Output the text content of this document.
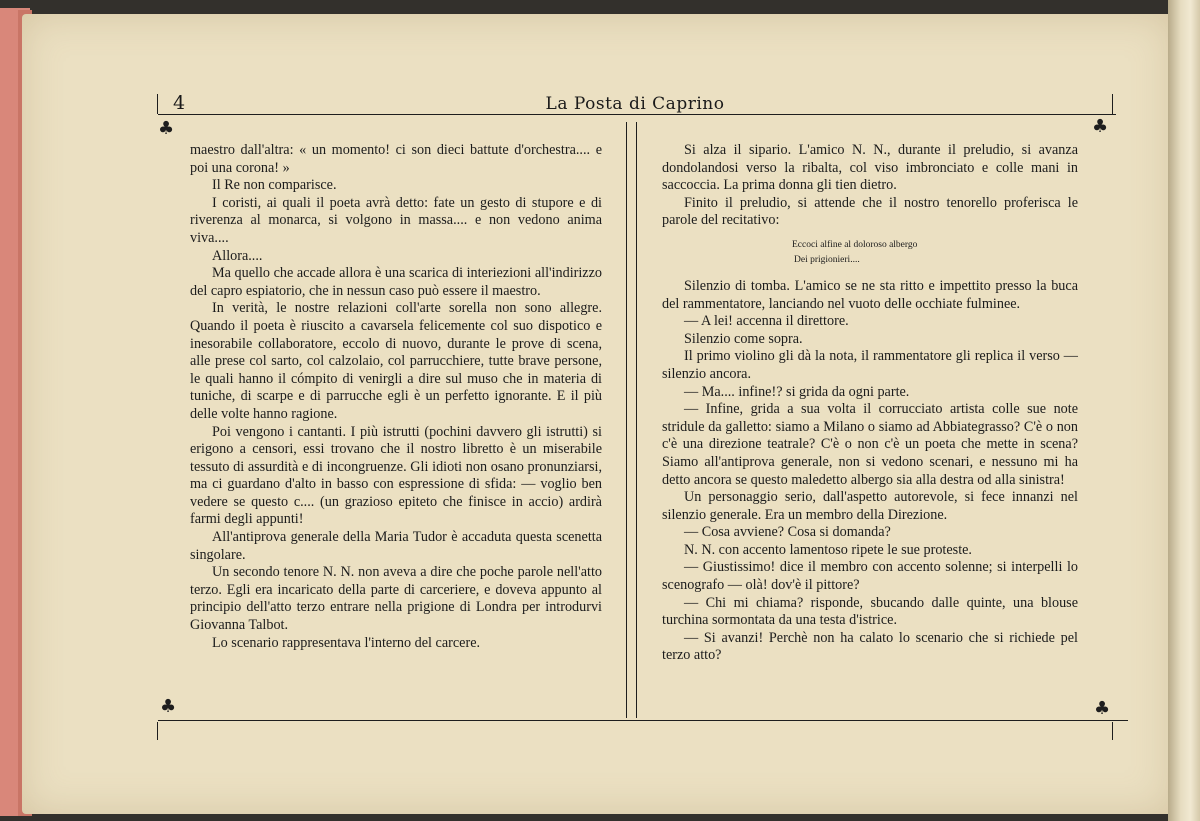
4	La Posta di Caprino
♣	♣
♣	♣

maestro dall'altra: « un momento! ci son dieci battute d'orchestra.... e poi una corona! »

Il Re non comparisce.

I coristi, ai quali il poeta avrà detto: fate un gesto di stupore e di riverenza al monarca, si volgono in massa.... e non vedono anima viva....

Allora....

Ma quello che accade allora è una scarica di interiezioni all'indirizzo del capro espiatorio, che in nessun caso può essere il maestro.

In verità, le nostre relazioni coll'arte sorella non sono allegre. Quando il poeta è riuscito a cavarsela felicemente col suo dispotico e inesorabile collaboratore, eccolo di nuovo, durante le prove di scena, alle prese col sarto, col calzolaio, col parrucchiere, tutte brave persone, le quali hanno il cómpito di venirgli a dire sul muso che in materia di tuniche, di scarpe e di parrucche egli è un perfetto ignorante. E il più delle volte hanno ragione.

Poi vengono i cantanti. I più istrutti (pochini davvero gli istrutti) si erigono a censori, essi trovano che il nostro libretto è un miserabile tessuto di assurdità e di incongruenze. Gli idioti non osano pronunziarsi, ma ci guardano d'alto in basso con espressione di sfida: — voglio ben vedere se questo c.... (un grazioso epiteto che finisce in accio) ardirà farmi degli appunti!

All'antiprova generale della Maria Tudor è accaduta questa scenetta singolare.

Un secondo tenore N. N. non aveva a dire che poche parole nell'atto terzo. Egli era incaricato della parte di carceriere, e doveva appunto al principio dell'atto terzo entrare nella prigione di Londra per introdurvi Giovanna Talbot.

Lo scenario rappresentava l'interno del carcere.

Si alza il sipario. L'amico N. N., durante il preludio, si avanza dondolandosi verso la ribalta, col viso imbronciato e colle mani in saccoccia. La prima donna gli tien dietro.

Finito il preludio, si attende che il nostro tenorello proferisca le parole del recitativo:

Eccoci alfine al doloroso albergo
Dei prigionieri....

Silenzio di tomba. L'amico se ne sta ritto e impettito presso la buca del rammentatore, lanciando nel vuoto delle occhiate fulminee.

— A lei! accenna il direttore.

Silenzio come sopra.

Il primo violino gli dà la nota, il rammentatore gli replica il verso — silenzio ancora.

— Ma.... infine!? si grida da ogni parte.

— Infine, grida a sua volta il corrucciato artista colle sue note stridule da galletto: siamo a Milano o siamo ad Abbiategrasso? C'è o non c'è una direzione teatrale? C'è o non c'è un poeta che mette in scena? Siamo all'antiprova generale, non si vedono scenari, e nessuno mi ha detto ancora se questo maledetto albergo sia alla destra od alla sinistra!

Un personaggio serio, dall'aspetto autorevole, si fece innanzi nel silenzio generale. Era un membro della Direzione.

— Cosa avviene? Cosa si domanda?

N. N. con accento lamentoso ripete le sue proteste.

— Giustissimo! dice il membro con accento solenne; si interpelli lo scenografo — olà! dov'è il pittore?

— Chi mi chiama? risponde, sbucando dalle quinte, una blouse turchina sormontata da una testa d'istrice.

— Si avanzi! Perchè non ha calato lo scenario che si richiede pel terzo atto?
